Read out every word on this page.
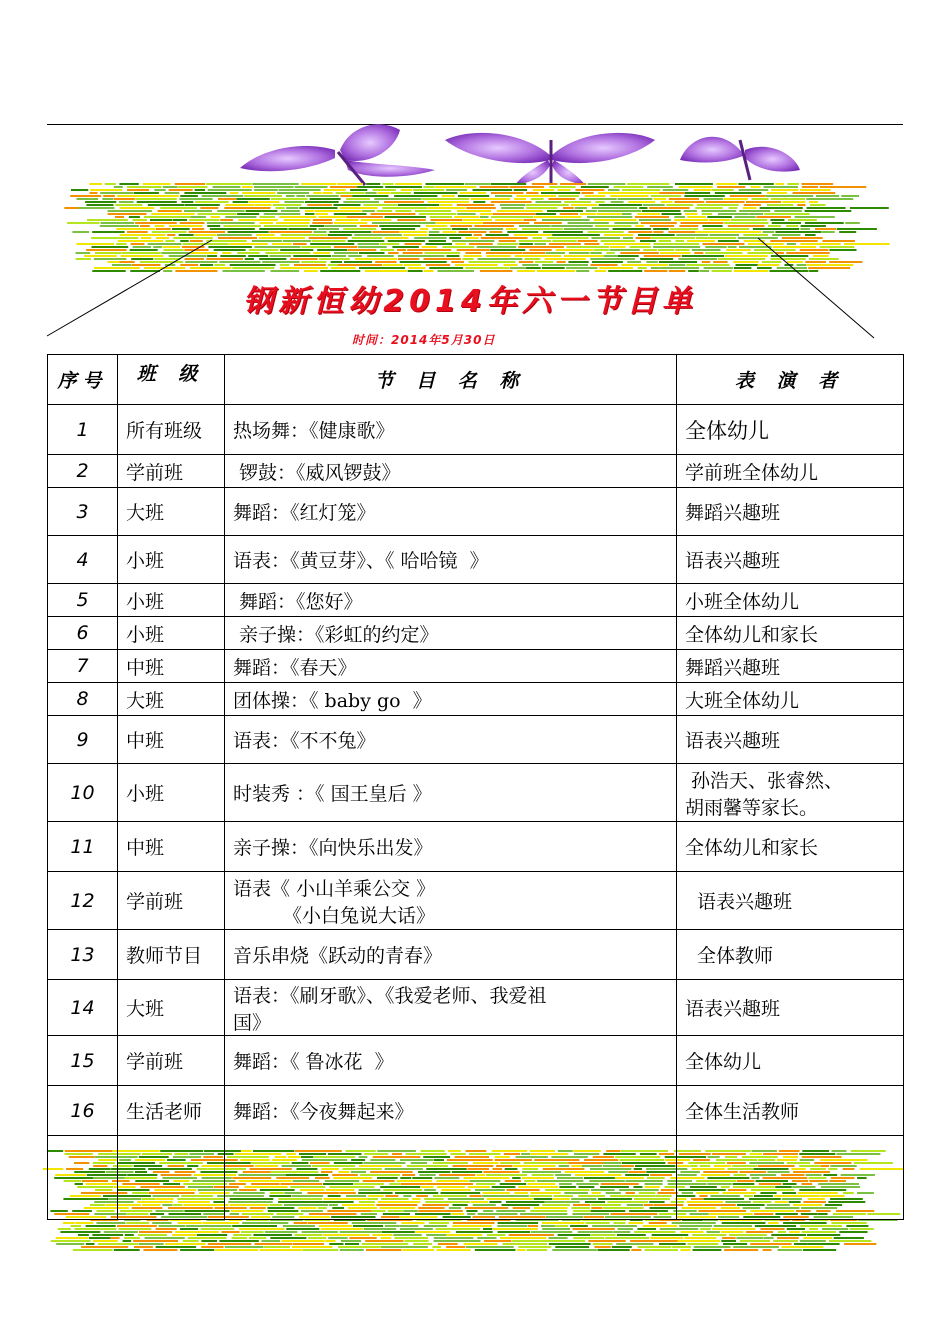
钢新恒幼2014年六一节目单
时间：2014年5月30日
序号	班 级	节 目 名 称	表 演 者
1	所有班级	热场舞：《健康歌》	全体幼儿

2	学前班	锣鼓：《威风锣鼓》	学前班全体幼儿

3	大班	舞蹈：《红灯笼》	舞蹈兴趣班

4	小班	语表：《黄豆芽》、《 哈哈镜  》	语表兴趣班

5	小班	舞蹈：《您好》	小班全体幼儿

6	小班	亲子操：《彩虹的约定》	全体幼儿和家长

7	中班	舞蹈：《春天》	舞蹈兴趣班

8	大班	团体操：《 baby go  》	大班全体幼儿

9	中班	语表：《不不兔》	语表兴趣班

10	小班	时装秀 ：《 国王皇后 》	孙浩天、张睿然、
胡雨馨等家长。

11	中班	亲子操：《向快乐出发》	全体幼儿和家长

12	学前班	语表《 小山羊乘公交 》
《小白兔说大话》	语表兴趣班

13	教师节目	音乐串烧《跃动的青春》	全体教师

14	大班	语表：《刷牙歌》、《我爱老师、我爱祖
国》	语表兴趣班

15	学前班	舞蹈：《 鲁冰花  》	全体幼儿

16	生活老师	舞蹈：《今夜舞起来》	全体生活教师
